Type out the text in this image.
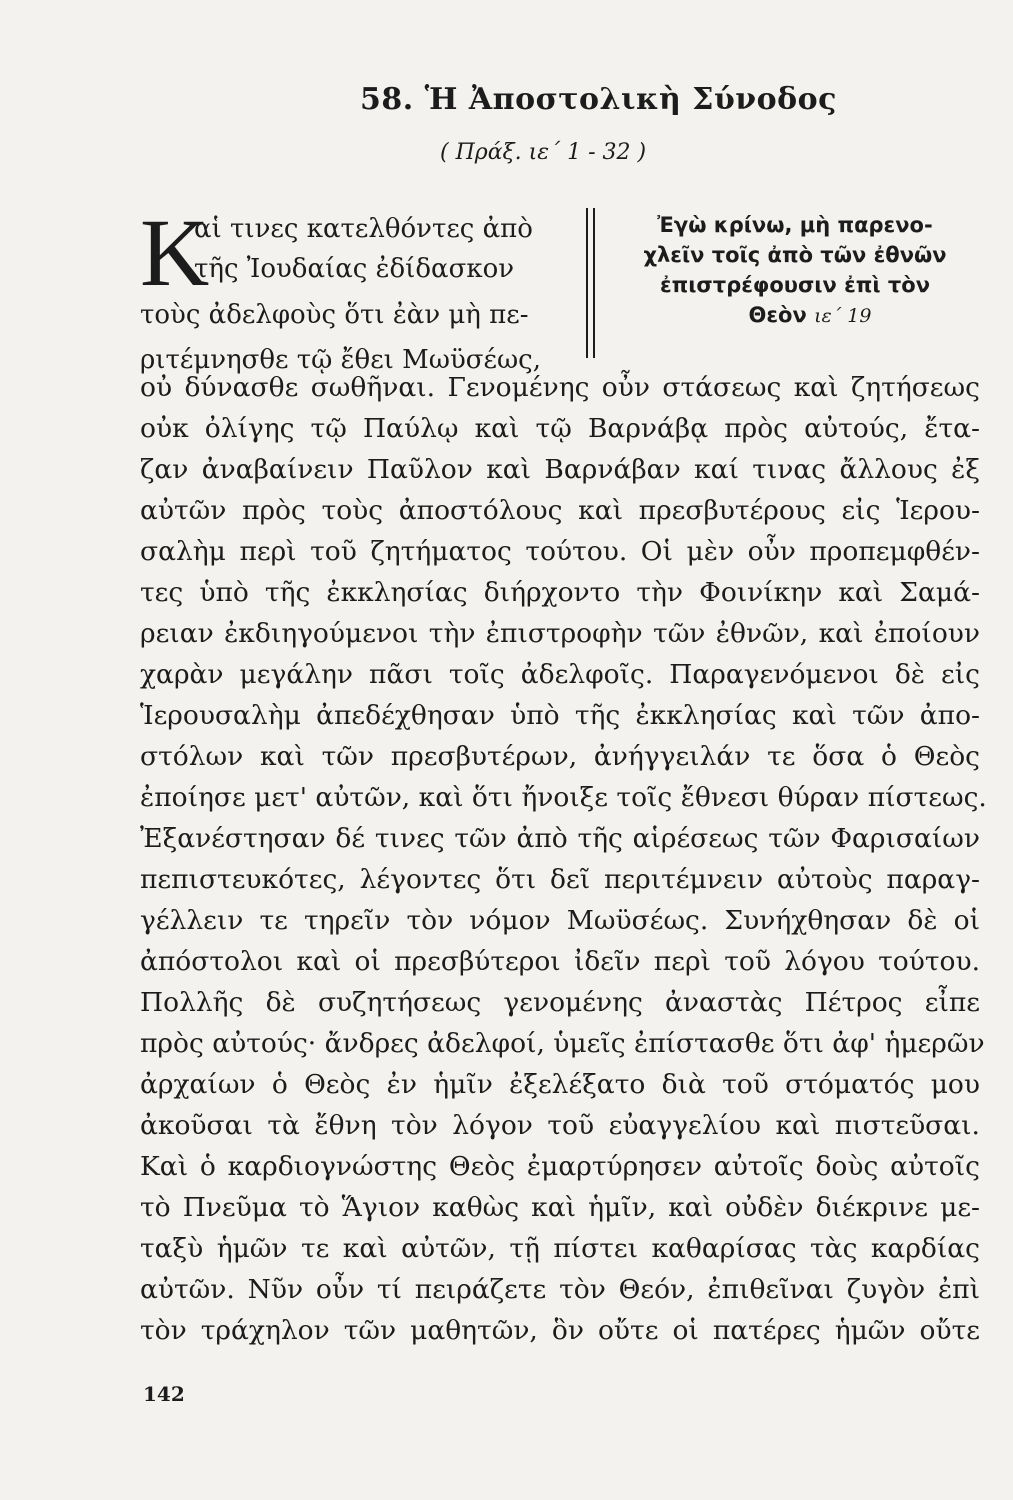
58. Ἡ Ἀποστολικὴ Σύνοδος
( Πράξ. ιε΄ 1 - 32 )
Κ
αἱ τινες κατελθόντες ἀπὸ
τῆς Ἰουδαίας ἐδίδασκον
τοὺς ἀδελφοὺς ὅτι ἐὰν μὴ πε-
ριτέμνησθε τῷ ἔθει Μωϋσέως,
Ἐγὼ κρίνω, μὴ παρενο-
χλεῖν τοῖς ἀπὸ τῶν ἐθνῶν
ἐπιστρέφουσιν ἐπὶ τὸν
Θεὸν ιε΄ 19
οὐ δύνασθε σωθῆναι. Γενομένης οὖν στάσεως καὶ ζητήσεως
οὐκ ὀλίγης τῷ Παύλῳ καὶ τῷ Βαρνάβᾳ πρὸς αὐτούς, ἔτα-
ζαν ἀναβαίνειν Παῦλον καὶ Βαρνάβαν καί τινας ἄλλους ἐξ
αὐτῶν πρὸς τοὺς ἀποστόλους καὶ πρεσβυτέρους εἰς Ἱερου-
σαλὴμ περὶ τοῦ ζητήματος τούτου. Οἱ μὲν οὖν προπεμφθέν-
τες ὑπὸ τῆς ἐκκλησίας διήρχοντο τὴν Φοινίκην καὶ Σαμά-
ρειαν ἐκδιηγούμενοι τὴν ἐπιστροφὴν τῶν ἐθνῶν, καὶ ἐποίουν
χαρὰν μεγάλην πᾶσι τοῖς ἀδελφοῖς. Παραγενόμενοι δὲ εἰς
Ἱερουσαλὴμ ἀπεδέχθησαν ὑπὸ τῆς ἐκκλησίας καὶ τῶν ἀπο-
στόλων καὶ τῶν πρεσβυτέρων, ἀνήγγειλάν τε ὅσα ὁ Θεὸς
ἐποίησε μετ' αὐτῶν, καὶ ὅτι ἤνοιξε τοῖς ἔθνεσι θύραν πίστεως.
Ἐξανέστησαν δέ τινες τῶν ἀπὸ τῆς αἱρέσεως τῶν Φαρισαίων
πεπιστευκότες, λέγοντες ὅτι δεῖ περιτέμνειν αὐτοὺς παραγ-
γέλλειν τε τηρεῖν τὸν νόμον Μωϋσέως. Συνήχθησαν δὲ οἱ
ἀπόστολοι καὶ οἱ πρεσβύτεροι ἰδεῖν περὶ τοῦ λόγου τούτου.
Πολλῆς δὲ συζητήσεως γενομένης ἀναστὰς Πέτρος εἶπε
πρὸς αὐτούς· ἄνδρες ἀδελφοί, ὑμεῖς ἐπίστασθε ὅτι ἀφ' ἡμερῶν
ἀρχαίων ὁ Θεὸς ἐν ἡμῖν ἐξελέξατο διὰ τοῦ στόματός μου
ἀκοῦσαι τὰ ἔθνη τὸν λόγον τοῦ εὐαγγελίου καὶ πιστεῦσαι.
Καὶ ὁ καρδιογνώστης Θεὸς ἐμαρτύρησεν αὐτοῖς δοὺς αὐτοῖς
τὸ Πνεῦμα τὸ Ἅγιον καθὼς καὶ ἡμῖν, καὶ οὐδὲν διέκρινε με-
ταξὺ ἡμῶν τε καὶ αὐτῶν, τῇ πίστει καθαρίσας τὰς καρδίας
αὐτῶν. Νῦν οὖν τί πειράζετε τὸν Θεόν, ἐπιθεῖναι ζυγὸν ἐπὶ
τὸν τράχηλον τῶν μαθητῶν, ὃν οὔτε οἱ πατέρες ἡμῶν οὔτε
142
